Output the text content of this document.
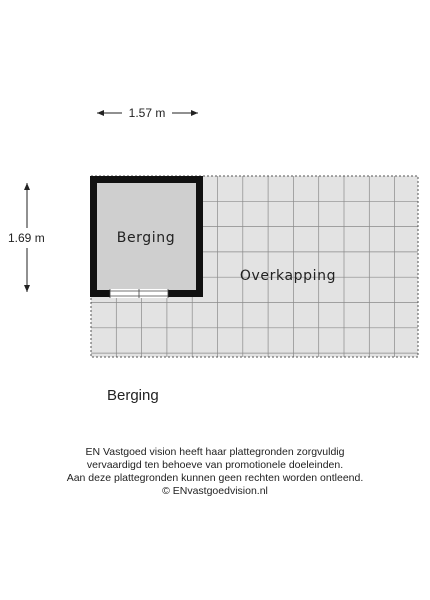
1.57 m
1.69 m	Berging
Overkapping
Berging
EN Vastgoed vision heeft haar plattegronden zorgvuldig
vervaardigd ten behoeve van promotionele doeleinden.
Aan deze plattegronden kunnen geen rechten worden ontleend.
© ENvastgoedvision.nl
